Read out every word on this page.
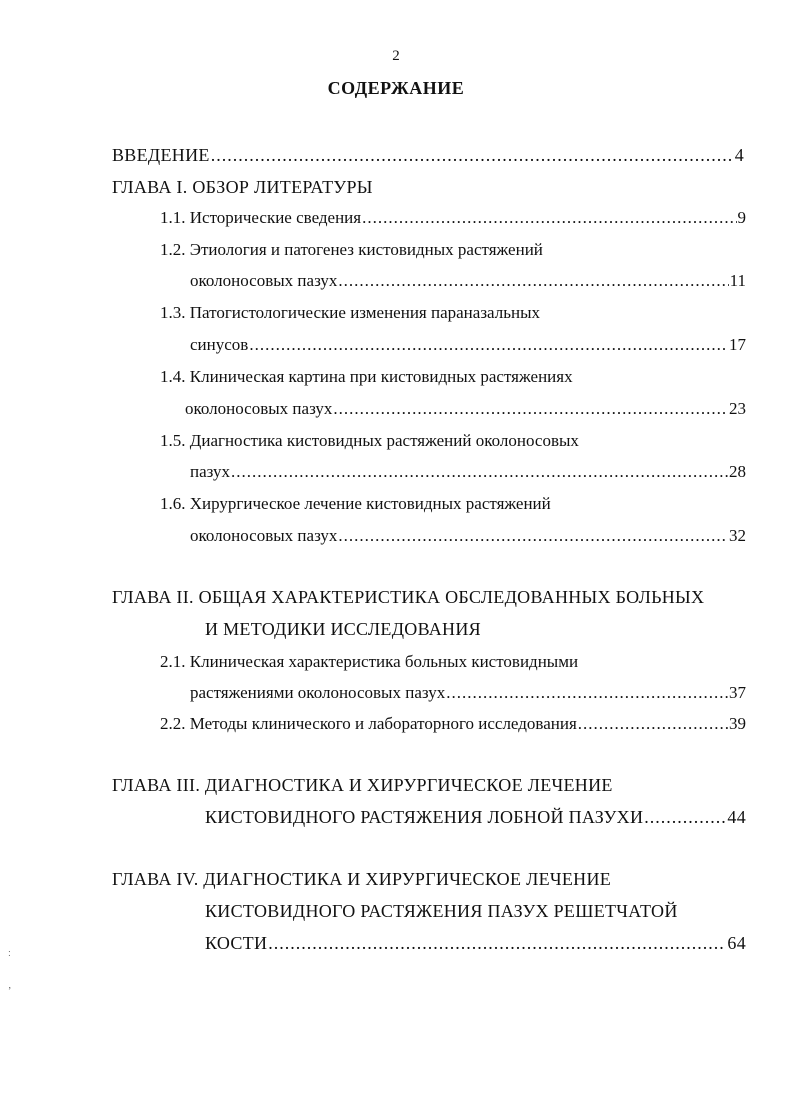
2
СОДЕРЖАНИЕ
ВВЕДЕНИЕ .....	4

ГЛАВА I. ОБЗОР ЛИТЕРАТУРЫ

1.1. Исторические сведения .....	9

1.2. Этиология и патогенез кистовидных растяжений

околоносовых пазух .....	11

1.3. Патогистологические изменения параназальных

синусов .....	17

1.4. Клиническая картина при кистовидных растяжениях

околоносовых пазух .....	23

1.5. Диагностика кистовидных растяжений околоносовых

пазух .....	28

1.6. Хирургическое лечение кистовидных растяжений

околоносовых пазух .....	32

ГЛАВА II. ОБЩАЯ ХАРАКТЕРИСТИКА ОБСЛЕДОВАННЫХ БОЛЬНЫХ

И МЕТОДИКИ ИССЛЕДОВАНИЯ

2.1. Клиническая характеристика больных кистовидными

растяжениями околоносовых пазух .....	37
2.2. Методы клинического и лабораторного исследования .....	39

ГЛАВА III. ДИАГНОСТИКА И ХИРУРГИЧЕСКОЕ ЛЕЧЕНИЕ

КИСТОВИДНОГО РАСТЯЖЕНИЯ ЛОБНОЙ ПАЗУХИ .....	44

ГЛАВА IV. ДИАГНОСТИКА И ХИРУРГИЧЕСКОЕ ЛЕЧЕНИЕ

КИСТОВИДНОГО РАСТЯЖЕНИЯ ПАЗУХ РЕШЕТЧАТОЙ

КОСТИ .....	64
ː
’
